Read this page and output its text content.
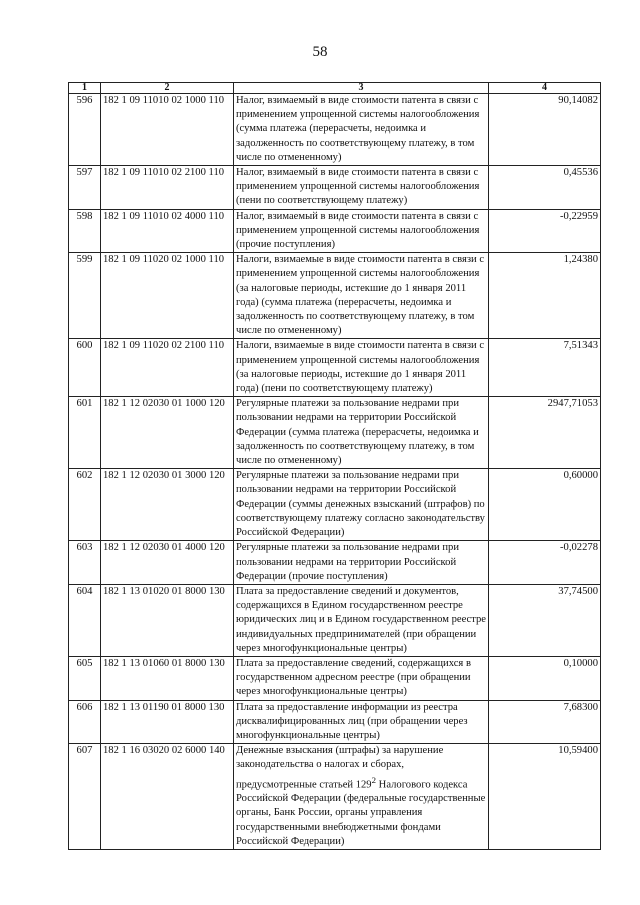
58
1	2	3	4
596	182 1 09 11010 02 1000 110	Налог, взимаемый в виде стоимости патента в связи с применением упрощенной системы налогообложения (сумма платежа (перерасчеты, недоимка и задолженность по соответствующему платежу, в том числе по отмененному)	90,14082
597	182 1 09 11010 02 2100 110	Налог, взимаемый в виде стоимости патента в связи с применением упрощенной системы налогообложения (пени по соответствующему платежу)	0,45536
598	182 1 09 11010 02 4000 110	Налог, взимаемый в виде стоимости патента в связи с применением упрощенной системы налогообложения (прочие поступления)	-0,22959
599	182 1 09 11020 02 1000 110	Налоги, взимаемые в виде стоимости патента в связи с применением упрощенной системы налогообложения (за налоговые периоды, истекшие до 1 января 2011 года) (сумма платежа (перерасчеты, недоимка и задолженность по соответствующему платежу, в том числе по отмененному)	1,24380
600	182 1 09 11020 02 2100 110	Налоги, взимаемые в виде стоимости патента в связи с применением упрощенной системы налогообложения (за налоговые периоды, истекшие до 1 января 2011 года) (пени по соответствующему платежу)	7,51343
601	182 1 12 02030 01 1000 120	Регулярные платежи за пользование недрами при пользовании недрами на территории Российской Федерации (сумма платежа (перерасчеты, недоимка и задолженность по соответствующему платежу, в том числе по отмененному)	2947,71053
602	182 1 12 02030 01 3000 120	Регулярные платежи за пользование недрами при пользовании недрами на территории Российской Федерации (суммы денежных взысканий (штрафов) по соответствующему платежу согласно законодательству Российской Федерации)	0,60000
603	182 1 12 02030 01 4000 120	Регулярные платежи за пользование недрами при пользовании недрами на территории Российской Федерации (прочие поступления)	-0,02278
604	182 1 13 01020 01 8000 130	Плата за предоставление сведений и документов, содержащихся в Едином государственном реестре юридических лиц и в Едином государственном реестре индивидуальных предпринимателей (при обращении через многофункциональные центры)	37,74500
605	182 1 13 01060 01 8000 130	Плата за предоставление сведений, содержащихся в государственном адресном реестре (при обращении через многофункциональные центры)	0,10000
606	182 1 13 01190 01 8000 130	Плата за предоставление информации из реестра дисквалифицированных лиц (при обращении через многофункциональные центры)	7,68300
607	182 1 16 03020 02 6000 140	Денежные взыскания (штрафы) за нарушение законодательства о налогах и сборах, предусмотренные статьей $129^2$ Налогового кодекса Российской Федерации (федеральные государственные органы, Банк России, органы управления государственными внебюджетными фондами Российской Федерации)	10,59400
